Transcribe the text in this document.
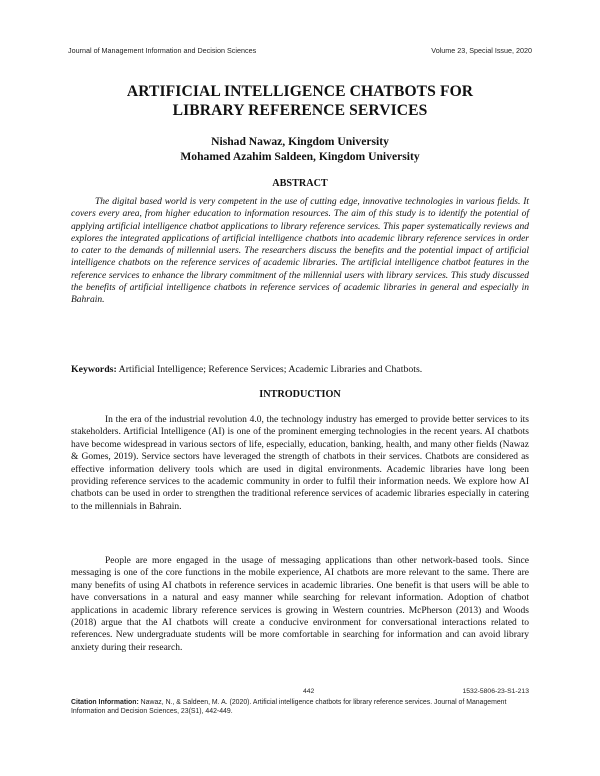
Journal of Management Information and Decision Sciences	Volume 23, Special Issue, 2020
ARTIFICIAL INTELLIGENCE CHATBOTS FOR
LIBRARY REFERENCE SERVICES
Nishad Nawaz, Kingdom University
Mohamed Azahim Saldeen, Kingdom University
ABSTRACT

The digital based world is very competent in the use of cutting edge, innovative technologies in various fields. It covers every area, from higher education to information resources. The aim of this study is to identify the potential of applying artificial intelligence chatbot applications to library reference services. This paper systematically reviews and explores the integrated applications of artificial intelligence chatbots into academic library reference services in order to cater to the demands of millennial users. The researchers discuss the benefits and the potential impact of artificial intelligence chatbots on the reference services of academic libraries. The artificial intelligence chatbot features in the reference services to enhance the library commitment of the millennial users with library services. This study discussed the benefits of artificial intelligence chatbots in reference services of academic libraries in general and especially in Bahrain.

Keywords: Artificial Intelligence; Reference Services; Academic Libraries and Chatbots.

INTRODUCTION

In the era of the industrial revolution 4.0, the technology industry has emerged to provide better services to its stakeholders. Artificial Intelligence (AI) is one of the prominent emerging technologies in the recent years. AI chatbots have become widespread in various sectors of life, especially, education, banking, health, and many other fields (Nawaz & Gomes, 2019). Service sectors have leveraged the strength of chatbots in their services. Chatbots are considered as effective information delivery tools which are used in digital environments. Academic libraries have long been providing reference services to the academic community in order to fulfil their information needs. We explore how AI chatbots can be used in order to strengthen the traditional reference services of academic libraries especially in catering to the millennials in Bahrain.

People are more engaged in the usage of messaging applications than other network-based tools. Since messaging is one of the core functions in the mobile experience, AI chatbots are more relevant to the same. There are many benefits of using AI chatbots in reference services in academic libraries. One benefit is that users will be able to have conversations in a natural and easy manner while searching for relevant information. Adoption of chatbot applications in academic library reference services is growing in Western countries. McPherson (2013) and Woods (2018) argue that the AI chatbots will create a conducive environment for conversational interactions related to references. New undergraduate students will be more comfortable in searching for information and can avoid library anxiety during their research.

442	1532-5806-23-S1-213

Citation Information: Nawaz, N., & Saldeen, M. A. (2020). Artificial intelligence chatbots for library reference services. Journal of Management Information and Decision Sciences, 23(S1), 442-449.
